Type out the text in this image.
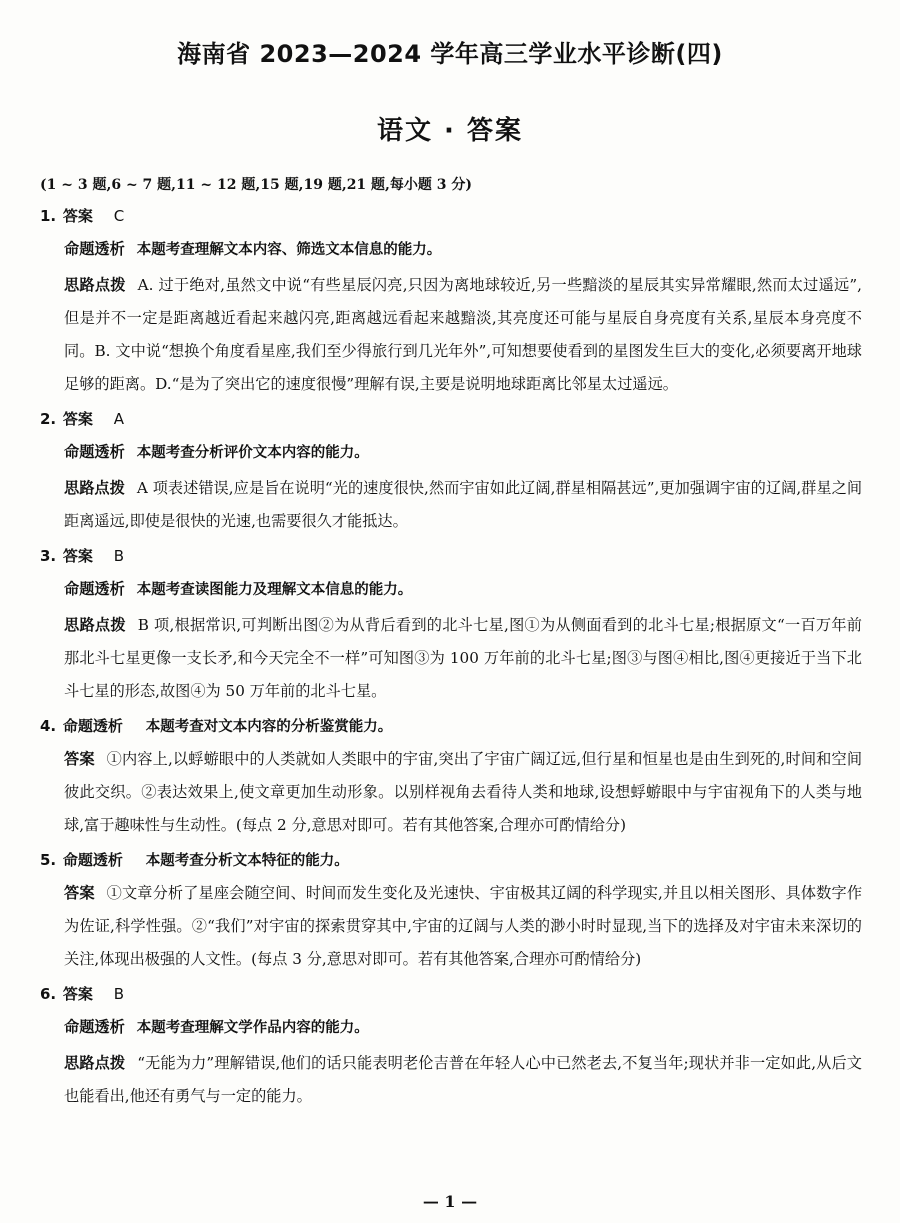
海南省 2023—2024 学年高三学业水平诊断(四)
语文 · 答案
(1 ~ 3 题,6 ~ 7 题,11 ~ 12 题,15 题,19 题,21 题,每小题 3 分)
1. 答案 C
命题透析 本题考查理解文本内容、筛选文本信息的能力。
思路点拨 A. 过于绝对,虽然文中说“有些星辰闪亮,只因为离地球较近,另一些黯淡的星辰其实异常耀眼,然而太过遥远”,但是并不一定是距离越近看起来越闪亮,距离越远看起来越黯淡,其亮度还可能与星辰自身亮度有关系,星辰本身亮度不同。B. 文中说“想换个角度看星座,我们至少得旅行到几光年外”,可知想要使看到的星图发生巨大的变化,必须要离开地球足够的距离。D.“是为了突出它的速度很慢”理解有误,主要是说明地球距离比邻星太过遥远。
2. 答案 A
命题透析 本题考查分析评价文本内容的能力。
思路点拨 A 项表述错误,应是旨在说明“光的速度很快,然而宇宙如此辽阔,群星相隔甚远”,更加强调宇宙的辽阔,群星之间距离遥远,即使是很快的光速,也需要很久才能抵达。
3. 答案 B
命题透析 本题考查读图能力及理解文本信息的能力。
思路点拨 B 项,根据常识,可判断出图②为从背后看到的北斗七星,图①为从侧面看到的北斗七星;根据原文“一百万年前那北斗七星更像一支长矛,和今天完全不一样”可知图③为 100 万年前的北斗七星;图③与图④相比,图④更接近于当下北斗七星的形态,故图④为 50 万年前的北斗七星。
4. 命题透析 本题考查对文本内容的分析鉴赏能力。
答案 ①内容上,以蜉蝣眼中的人类就如人类眼中的宇宙,突出了宇宙广阔辽远,但行星和恒星也是由生到死的,时间和空间彼此交织。②表达效果上,使文章更加生动形象。以别样视角去看待人类和地球,设想蜉蝣眼中与宇宙视角下的人类与地球,富于趣味性与生动性。(每点 2 分,意思对即可。若有其他答案,合理亦可酌情给分)
5. 命题透析 本题考查分析文本特征的能力。
答案 ①文章分析了星座会随空间、时间而发生变化及光速快、宇宙极其辽阔的科学现实,并且以相关图形、具体数字作为佐证,科学性强。②“我们”对宇宙的探索贯穿其中,宇宙的辽阔与人类的渺小时时显现,当下的选择及对宇宙未来深切的关注,体现出极强的人文性。(每点 3 分,意思对即可。若有其他答案,合理亦可酌情给分)
6. 答案 B
命题透析 本题考查理解文学作品内容的能力。
思路点拨 “无能为力”理解错误,他们的话只能表明老伦吉普在年轻人心中已然老去,不复当年;现状并非一定如此,从后文也能看出,他还有勇气与一定的能力。
— 1 —
